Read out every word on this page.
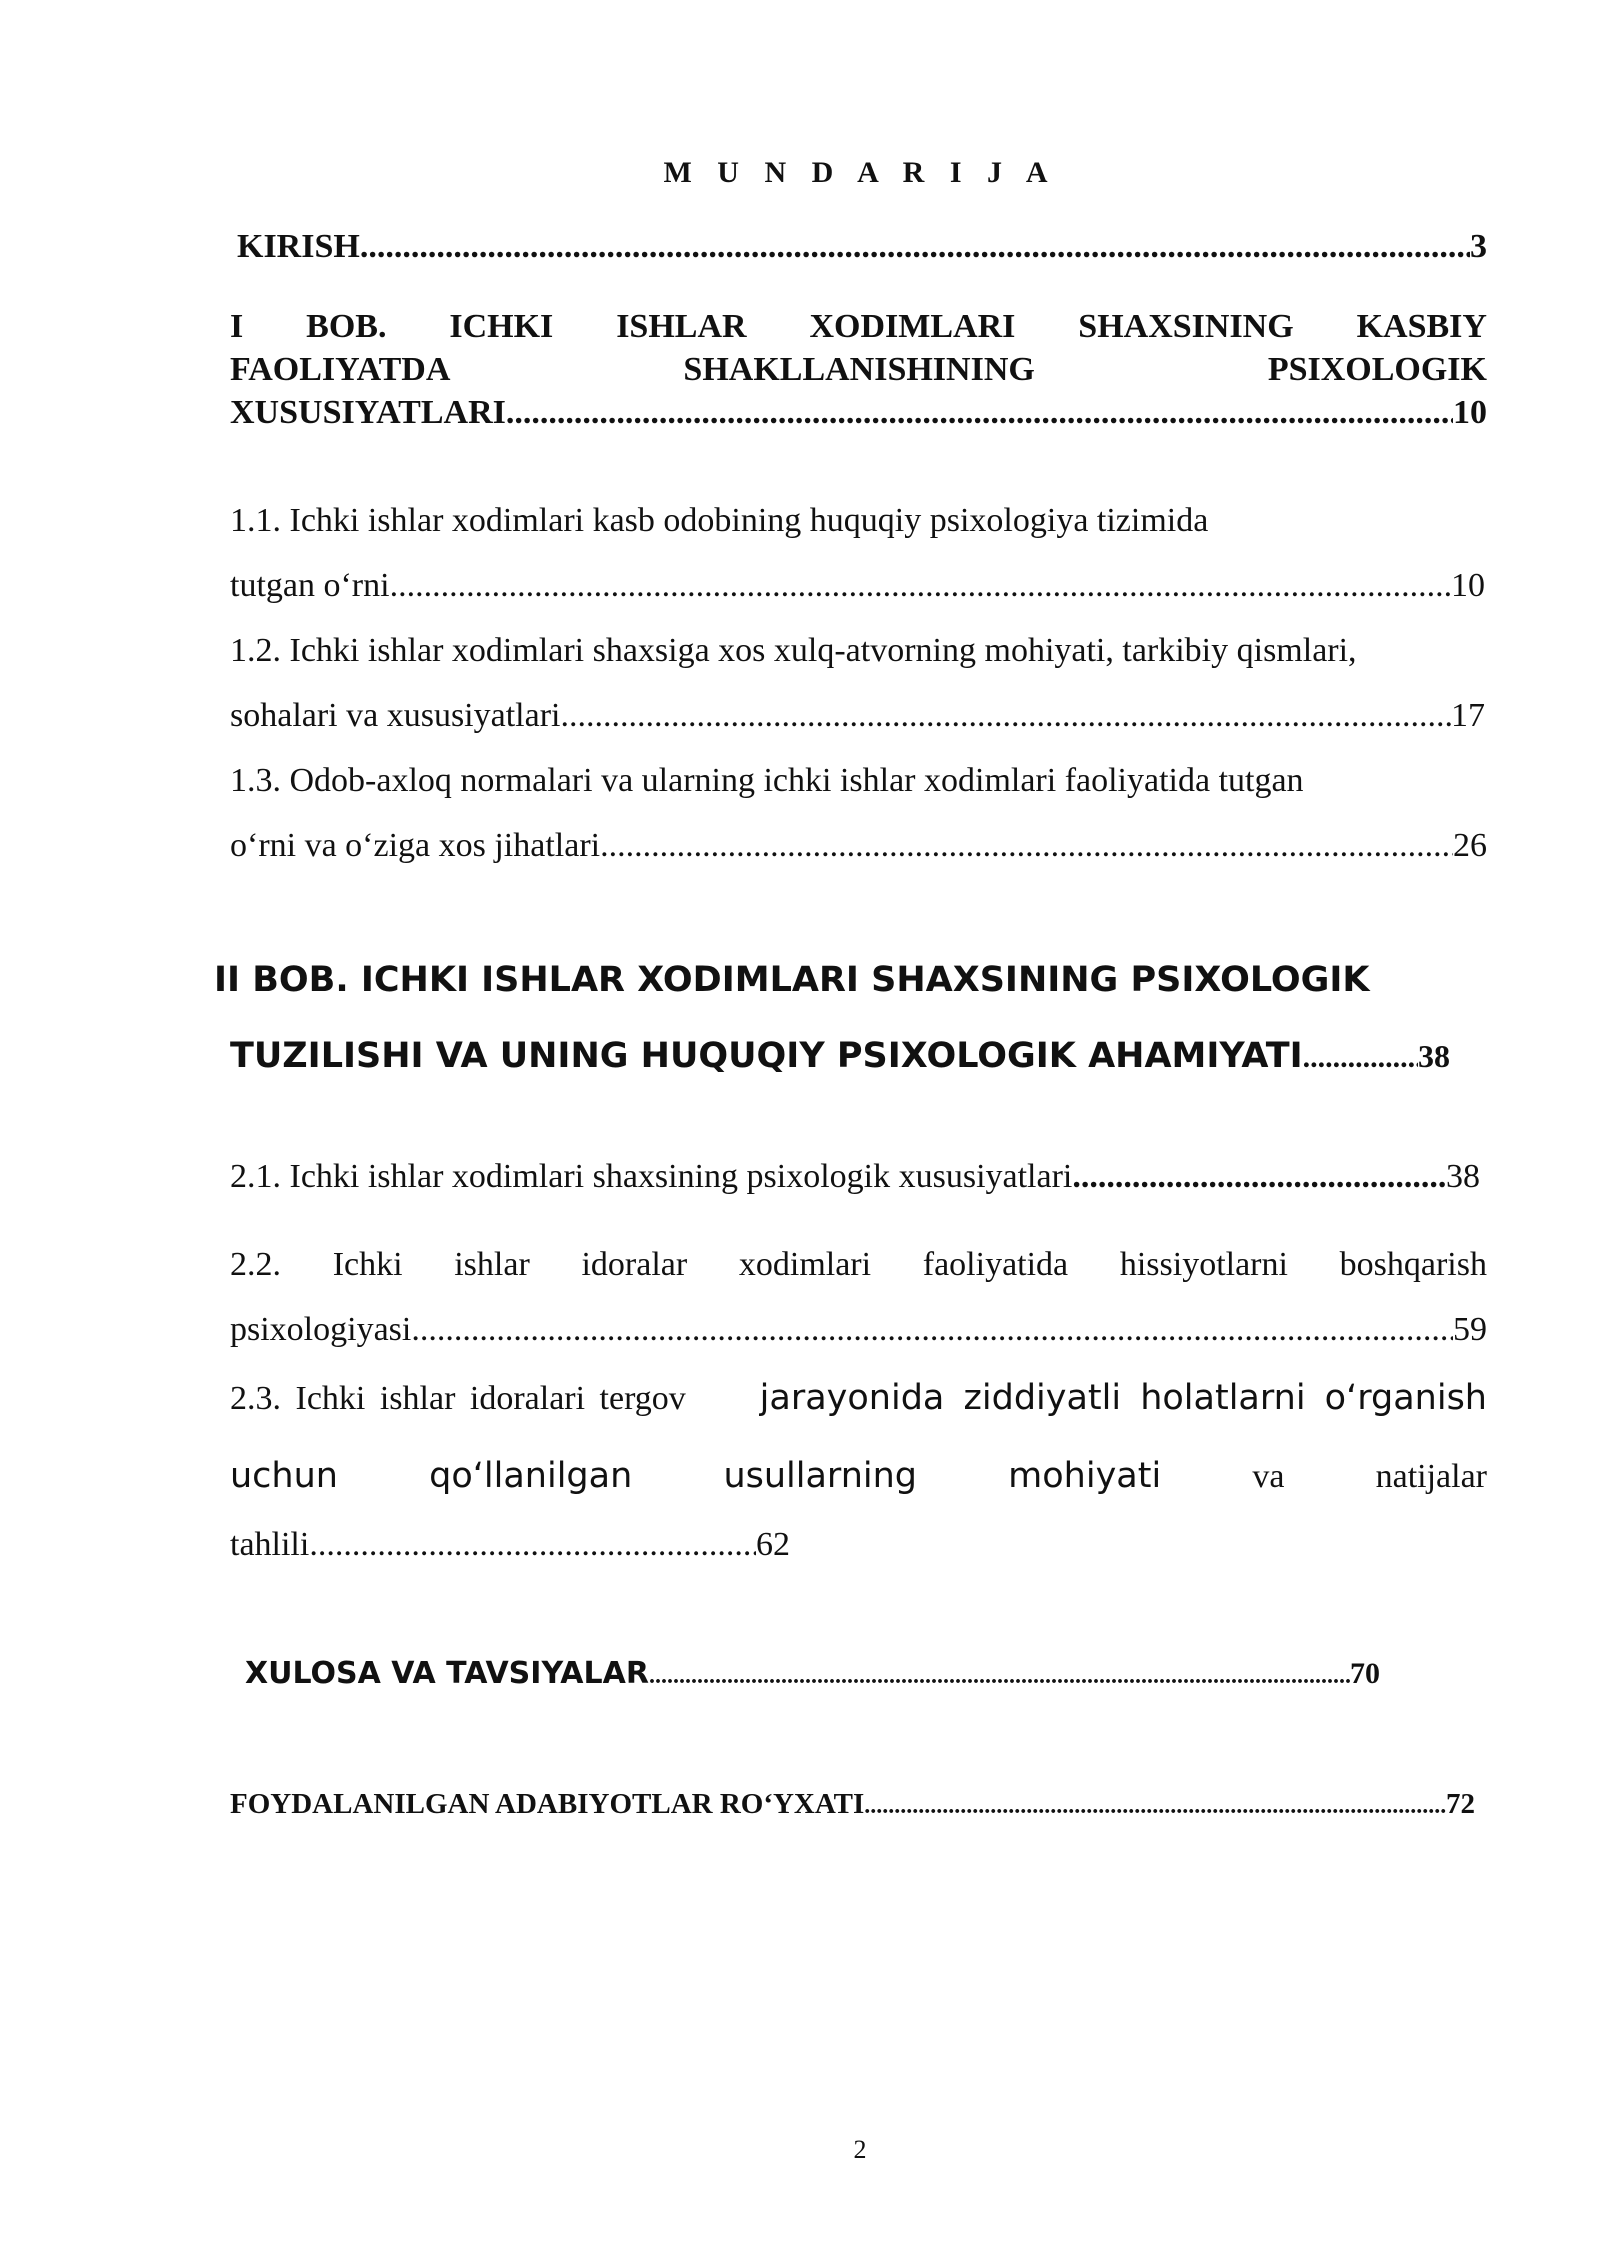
M U N D A R I J A
KIRISH .....	3
I BOB. ICHKI ISHLAR XODIMLARI SHAXSINING KASBIY
FAOLIYATDA	SHAKLLANISHINING	PSIXOLOGIK
XUSUSIYATLARI .....	10
1.1. Ichki ishlar xodimlari kasb odobining huquqiy psixologiya tizimida
tutgan o‘rni .....	10
1.2. Ichki ishlar xodimlari shaxsiga xos xulq-atvorning mohiyati, tarkibiy qismlari,
sohalari va xususiyatlari .....	17
1.3. Odob-axloq normalari va ularning ichki ishlar xodimlari faoliyatida tutgan
o‘rni va o‘ziga xos jihatlari .....	26
II BOB. ICHKI ISHLAR XODIMLARI SHAXSINING PSIXOLOGIK
TUZILISHI VA UNING HUQUQIY PSIXOLOGIK AHAMIYATI .....	38
2.1. Ichki ishlar xodimlari shaxsining psixologik xususiyatlari .....	38
2.2. Ichki ishlar idoralar xodimlari faoliyatida hissiyotlarni boshqarish
psixologiyasi .....	59
2.3. Ichki ishlar idoralari tergov jarayonida ziddiyatli holatlarni o‘rganish
uchun	qo‘llanilgan	usullarning	mohiyati	va	natijalar
tahlili .....	62
XULOSA VA TAVSIYALAR .....	70
FOYDALANILGAN ADABIYOTLAR RO‘YXATI .....	72
2
